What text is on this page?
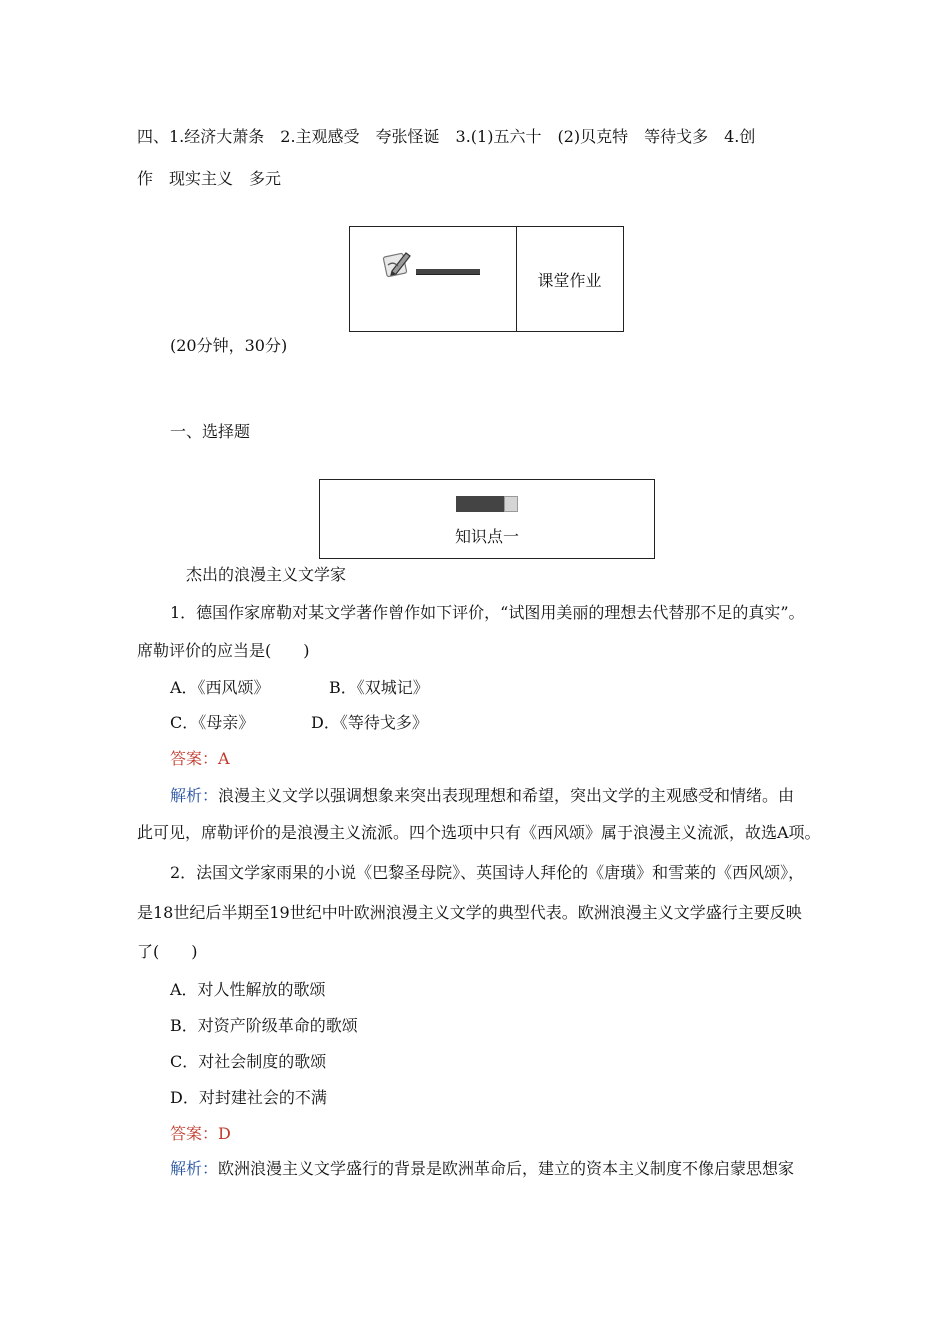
四、1.经济大萧条　2.主观感受　夸张怪诞　3.(1)五六十　(2)贝克特　等待戈多　4.创
作　现实主义　多元
课堂作业
(20分钟，30分)
一、选择题
知识点一
杰出的浪漫主义文学家
1．德国作家席勒对某文学著作曾作如下评价，“试图用美丽的理想去代替那不足的真实”。
席勒评价的应当是(　　)
A．《西风颂》	B．《双城记》
C．《母亲》	D．《等待戈多》
答案：A
解析：浪漫主义文学以强调想象来突出表现理想和希望，突出文学的主观感受和情绪。由
此可见，席勒评价的是浪漫主义流派。四个选项中只有《西风颂》属于浪漫主义流派，故选A项。
2．法国文学家雨果的小说《巴黎圣母院》、英国诗人拜伦的《唐璜》和雪莱的《西风颂》，
是18世纪后半期至19世纪中叶欧洲浪漫主义文学的典型代表。欧洲浪漫主义文学盛行主要反映
了(　　)
A．对人性解放的歌颂
B．对资产阶级革命的歌颂
C．对社会制度的歌颂
D．对封建社会的不满
答案：D
解析：欧洲浪漫主义文学盛行的背景是欧洲革命后，建立的资本主义制度不像启蒙思想家
